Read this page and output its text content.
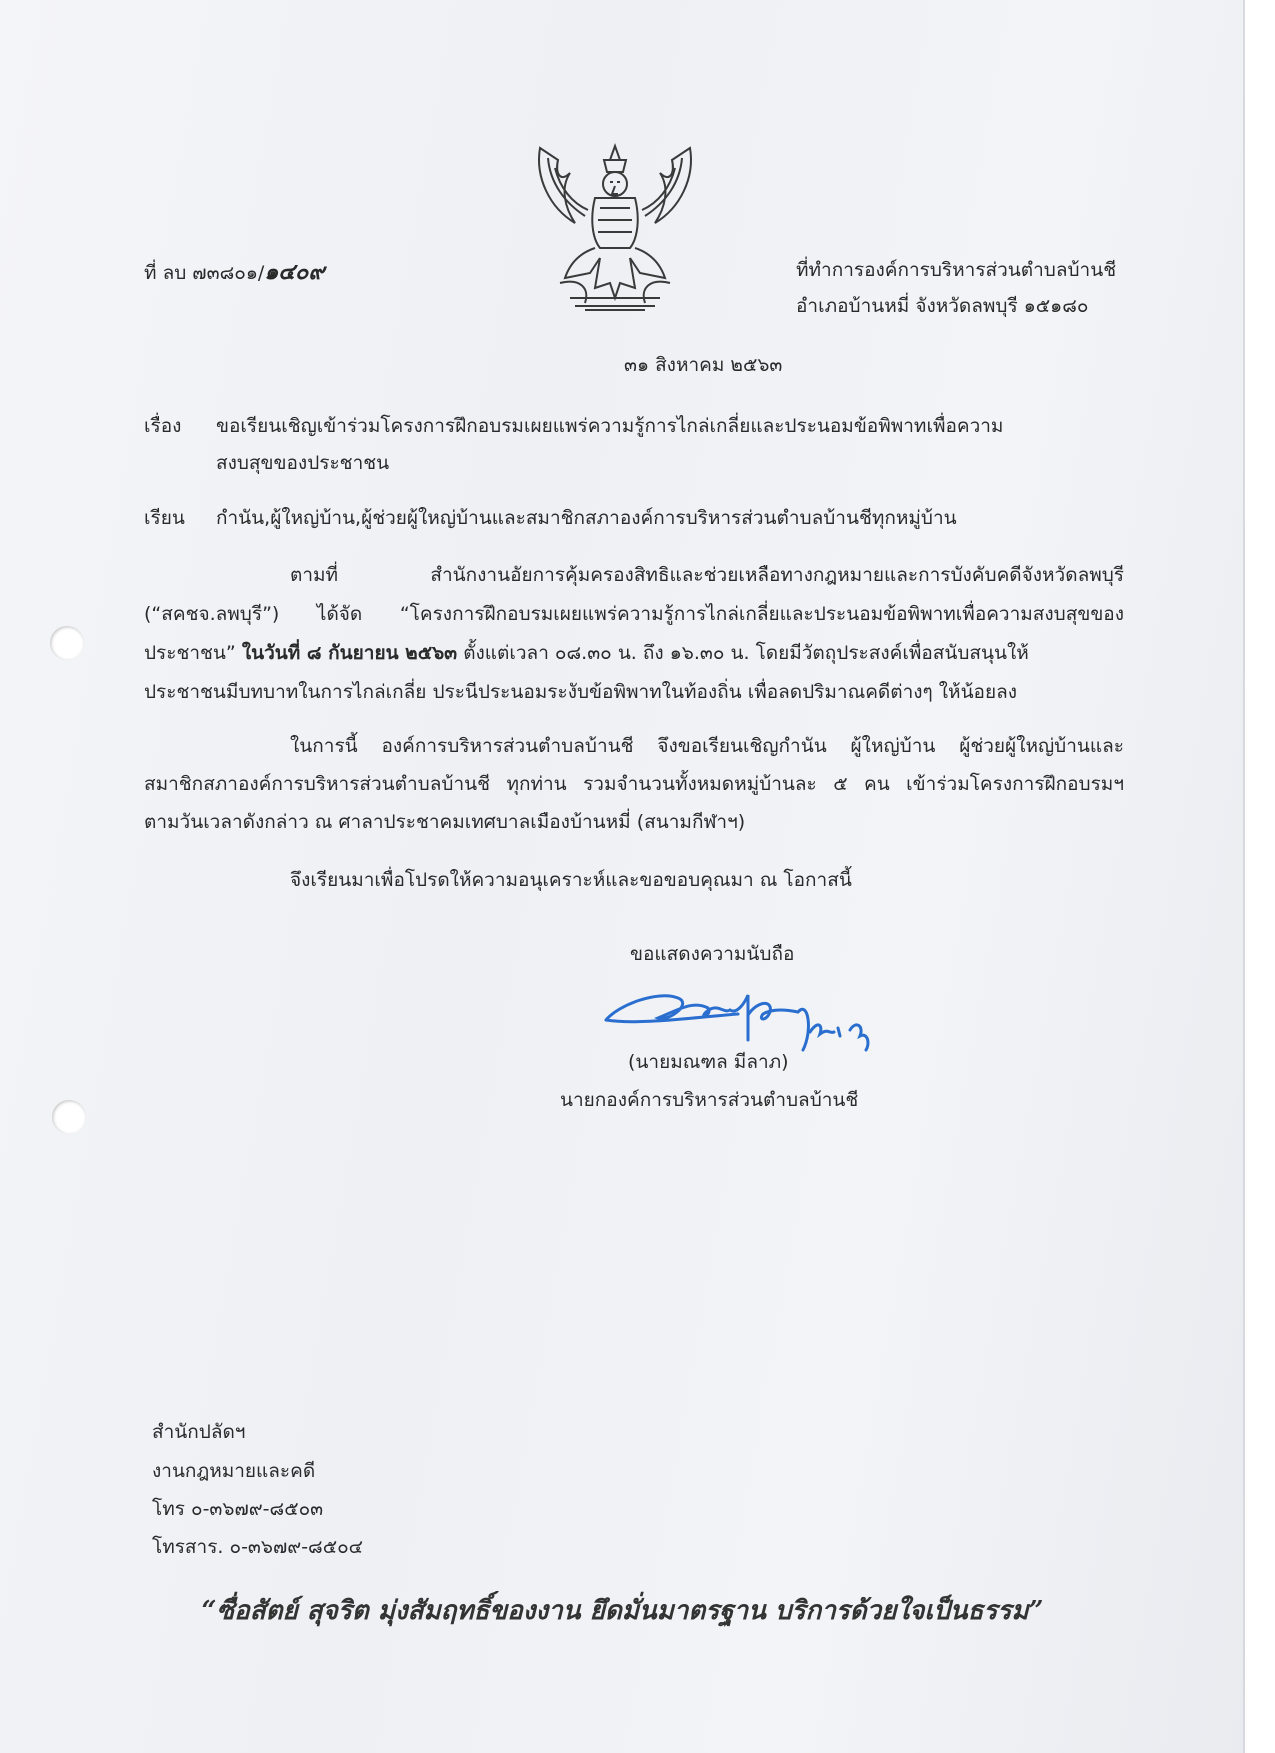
ที่ ลบ ๗๓๘๐๑/๑๔๐๙	ที่ทำการองค์การบริหารส่วนตำบลบ้านชี
อำเภอบ้านหมี่ จังหวัดลพบุรี ๑๕๑๘๐
๓๑ สิงหาคม ๒๕๖๓
เรื่อง ขอเรียนเชิญเข้าร่วมโครงการฝึกอบรมเผยแพร่ความรู้การไกล่เกลี่ยและประนอมข้อพิพาทเพื่อความ
สงบสุขของประชาชน
เรียน กำนัน,ผู้ใหญ่บ้าน,ผู้ช่วยผู้ใหญ่บ้านและสมาชิกสภาองค์การบริหารส่วนตำบลบ้านชีทุกหมู่บ้าน
ตามที่ สำนักงานอัยการคุ้มครองสิทธิและช่วยเหลือทางกฎหมายและการบังคับคดีจังหวัดลพบุรี
(“สคชจ.ลพบุรี”) ได้จัด “โครงการฝึกอบรมเผยแพร่ความรู้การไกล่เกลี่ยและประนอมข้อพิพาทเพื่อความสงบสุขของ
ประชาชน” ในวันที่ ๘ กันยายน ๒๕๖๓ ตั้งแต่เวลา ๐๘.๓๐ น. ถึง ๑๖.๓๐ น. โดยมีวัตถุประสงค์เพื่อสนับสนุนให้
ประชาชนมีบทบาทในการไกล่เกลี่ย ประนีประนอมระงับข้อพิพาทในท้องถิ่น เพื่อลดปริมาณคดีต่างๆ ให้น้อยลง
ในการนี้ องค์การบริหารส่วนตำบลบ้านชี จึงขอเรียนเชิญกำนัน ผู้ใหญ่บ้าน ผู้ช่วยผู้ใหญ่บ้านและ
สมาชิกสภาองค์การบริหารส่วนตำบลบ้านชี ทุกท่าน รวมจำนวนทั้งหมดหมู่บ้านละ ๕ คน เข้าร่วมโครงการฝึกอบรมฯ
ตามวันเวลาดังกล่าว ณ ศาลาประชาคมเทศบาลเมืองบ้านหมี่ (สนามกีฬาฯ)
จึงเรียนมาเพื่อโปรดให้ความอนุเคราะห์และขอขอบคุณมา ณ โอกาสนี้
ขอแสดงความนับถือ
(นายมณฑล มีลาภ)
นายกองค์การบริหารส่วนตำบลบ้านชี
สำนักปลัดฯ
งานกฎหมายและคดี
โทร ๐-๓๖๗๙-๘๕๐๓
โทรสาร. ๐-๓๖๗๙-๘๕๐๔
“ซื่อสัตย์ สุจริต มุ่งสัมฤทธิ์ของงาน ยึดมั่นมาตรฐาน บริการด้วยใจเป็นธรรม”
